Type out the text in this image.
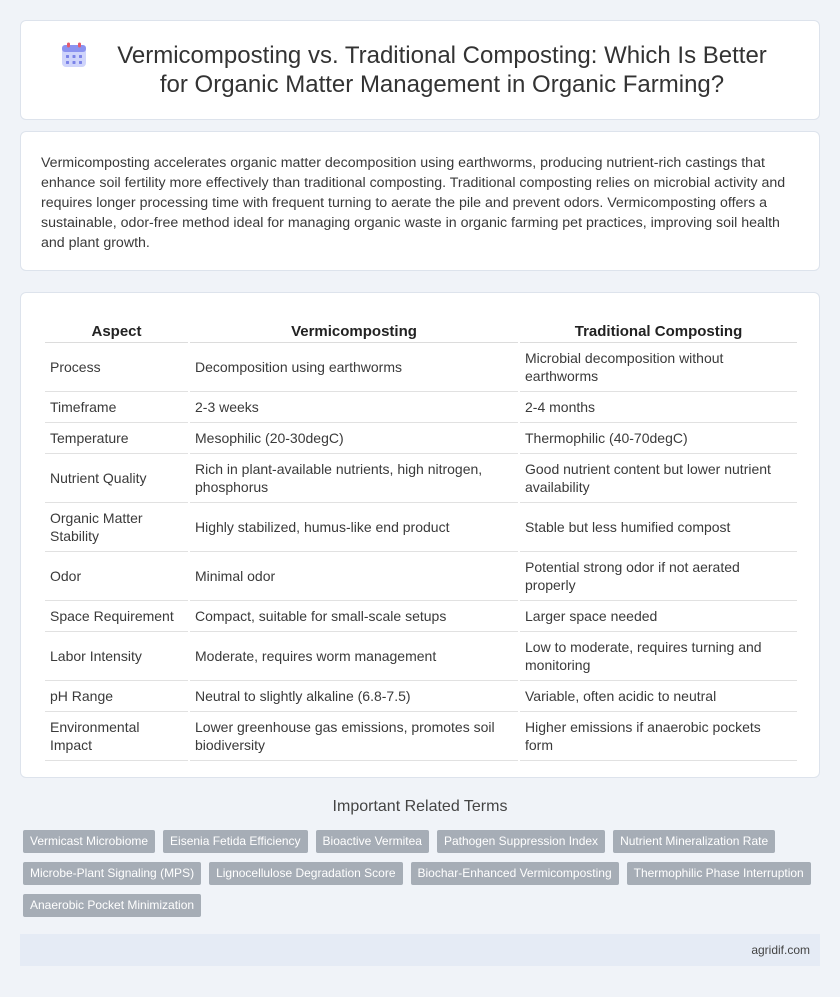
Vermicomposting vs. Traditional Composting: Which Is Better for Organic Matter Management in Organic Farming?

Vermicomposting accelerates organic matter decomposition using earthworms, producing nutrient-rich castings that enhance soil fertility more effectively than traditional composting. Traditional composting relies on microbial activity and requires longer processing time with frequent turning to aerate the pile and prevent odors. Vermicomposting offers a sustainable, odor-free method ideal for managing organic waste in organic farming pet practices, improving soil health and plant growth.

Aspect	Vermicomposting	Traditional Composting
Process	Decomposition using earthworms	Microbial decomposition without earthworms
Timeframe	2-3 weeks	2-4 months
Temperature	Mesophilic (20-30degC)	Thermophilic (40-70degC)
Nutrient Quality	Rich in plant-available nutrients, high nitrogen, phosphorus	Good nutrient content but lower nutrient availability
Organic Matter Stability	Highly stabilized, humus-like end product	Stable but less humified compost
Odor	Minimal odor	Potential strong odor if not aerated properly
Space Requirement	Compact, suitable for small-scale setups	Larger space needed
Labor Intensity	Moderate, requires worm management	Low to moderate, requires turning and monitoring
pH Range	Neutral to slightly alkaline (6.8-7.5)	Variable, often acidic to neutral
Environmental Impact	Lower greenhouse gas emissions, promotes soil biodiversity	Higher emissions if anaerobic pockets form
Important Related Terms
Vermicast Microbiome	Eisenia Fetida Efficiency	Bioactive Vermitea	Pathogen Suppression Index	Nutrient Mineralization Rate
Microbe-Plant Signaling (MPS)	Lignocellulose Degradation Score	Biochar-Enhanced Vermicomposting	Thermophilic Phase Interruption
Anaerobic Pocket Minimization
agridif.com
